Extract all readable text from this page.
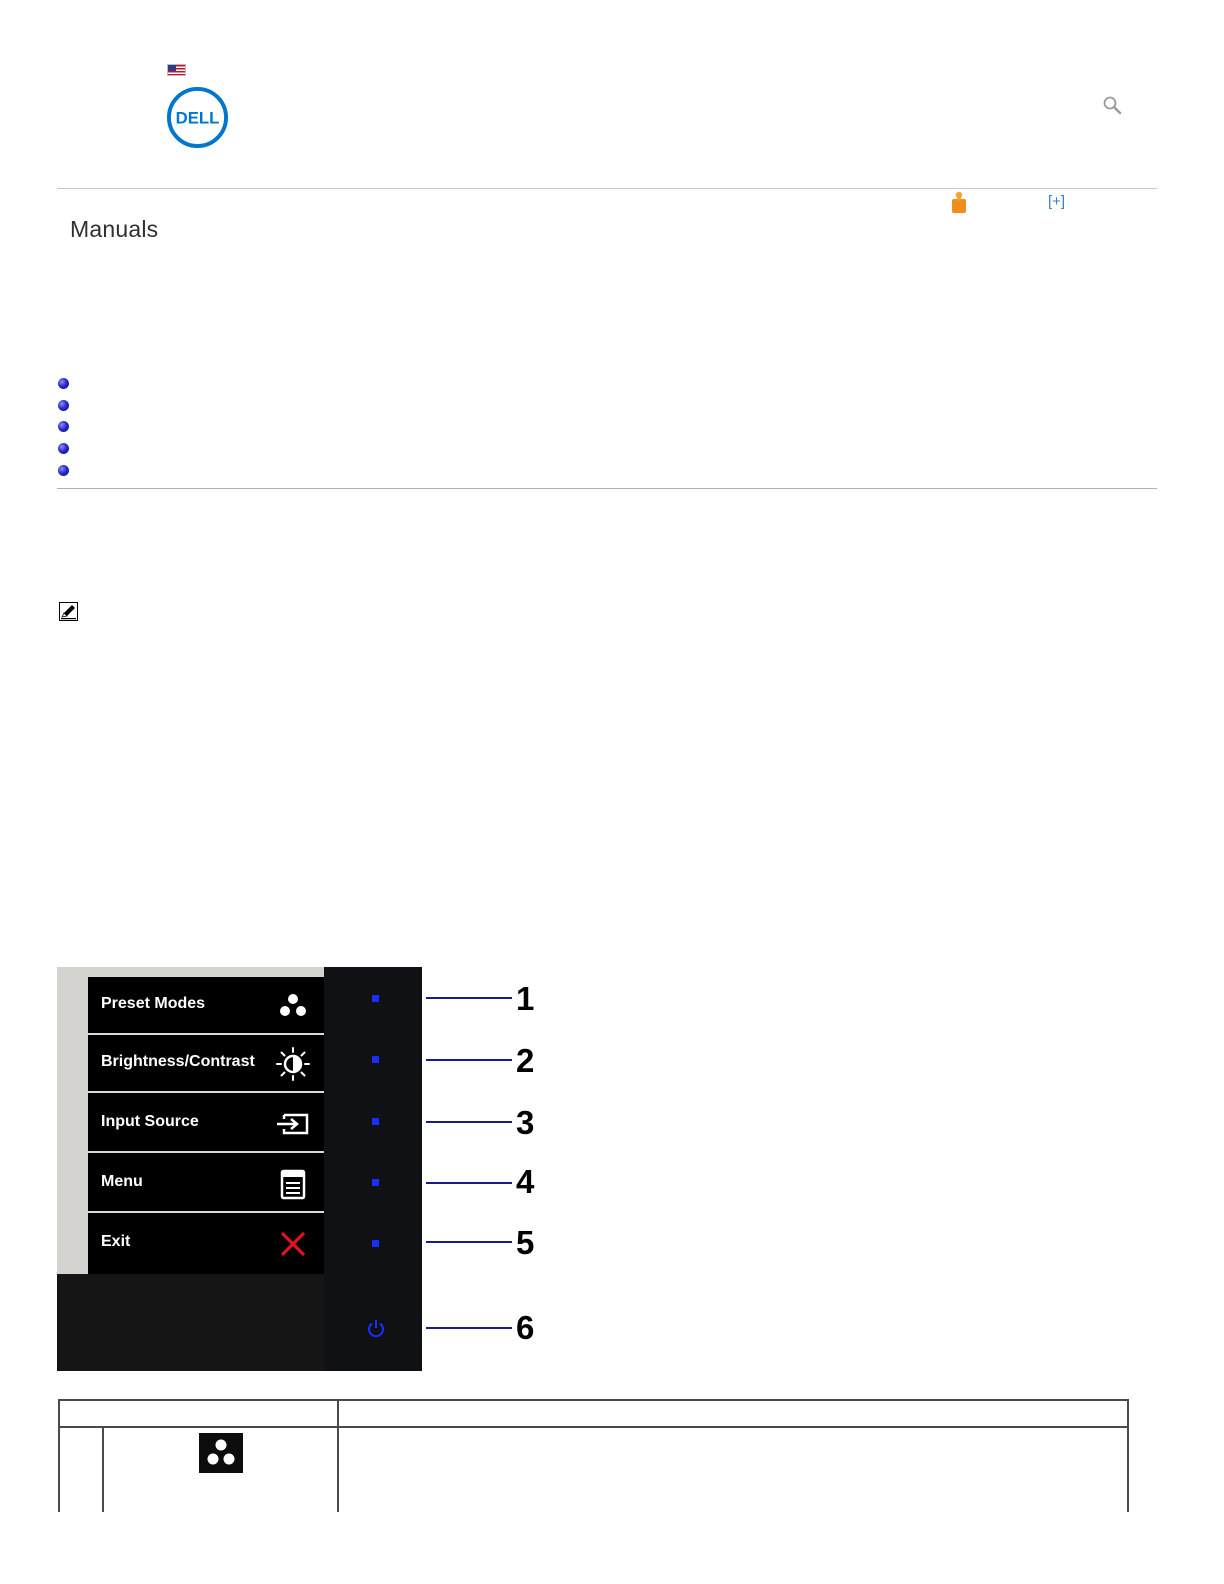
DELL
Manuals
[+]
Preset Modes
Brightness/Contrast
Input Source
Menu
Exit
1
2
3
4
5
6
